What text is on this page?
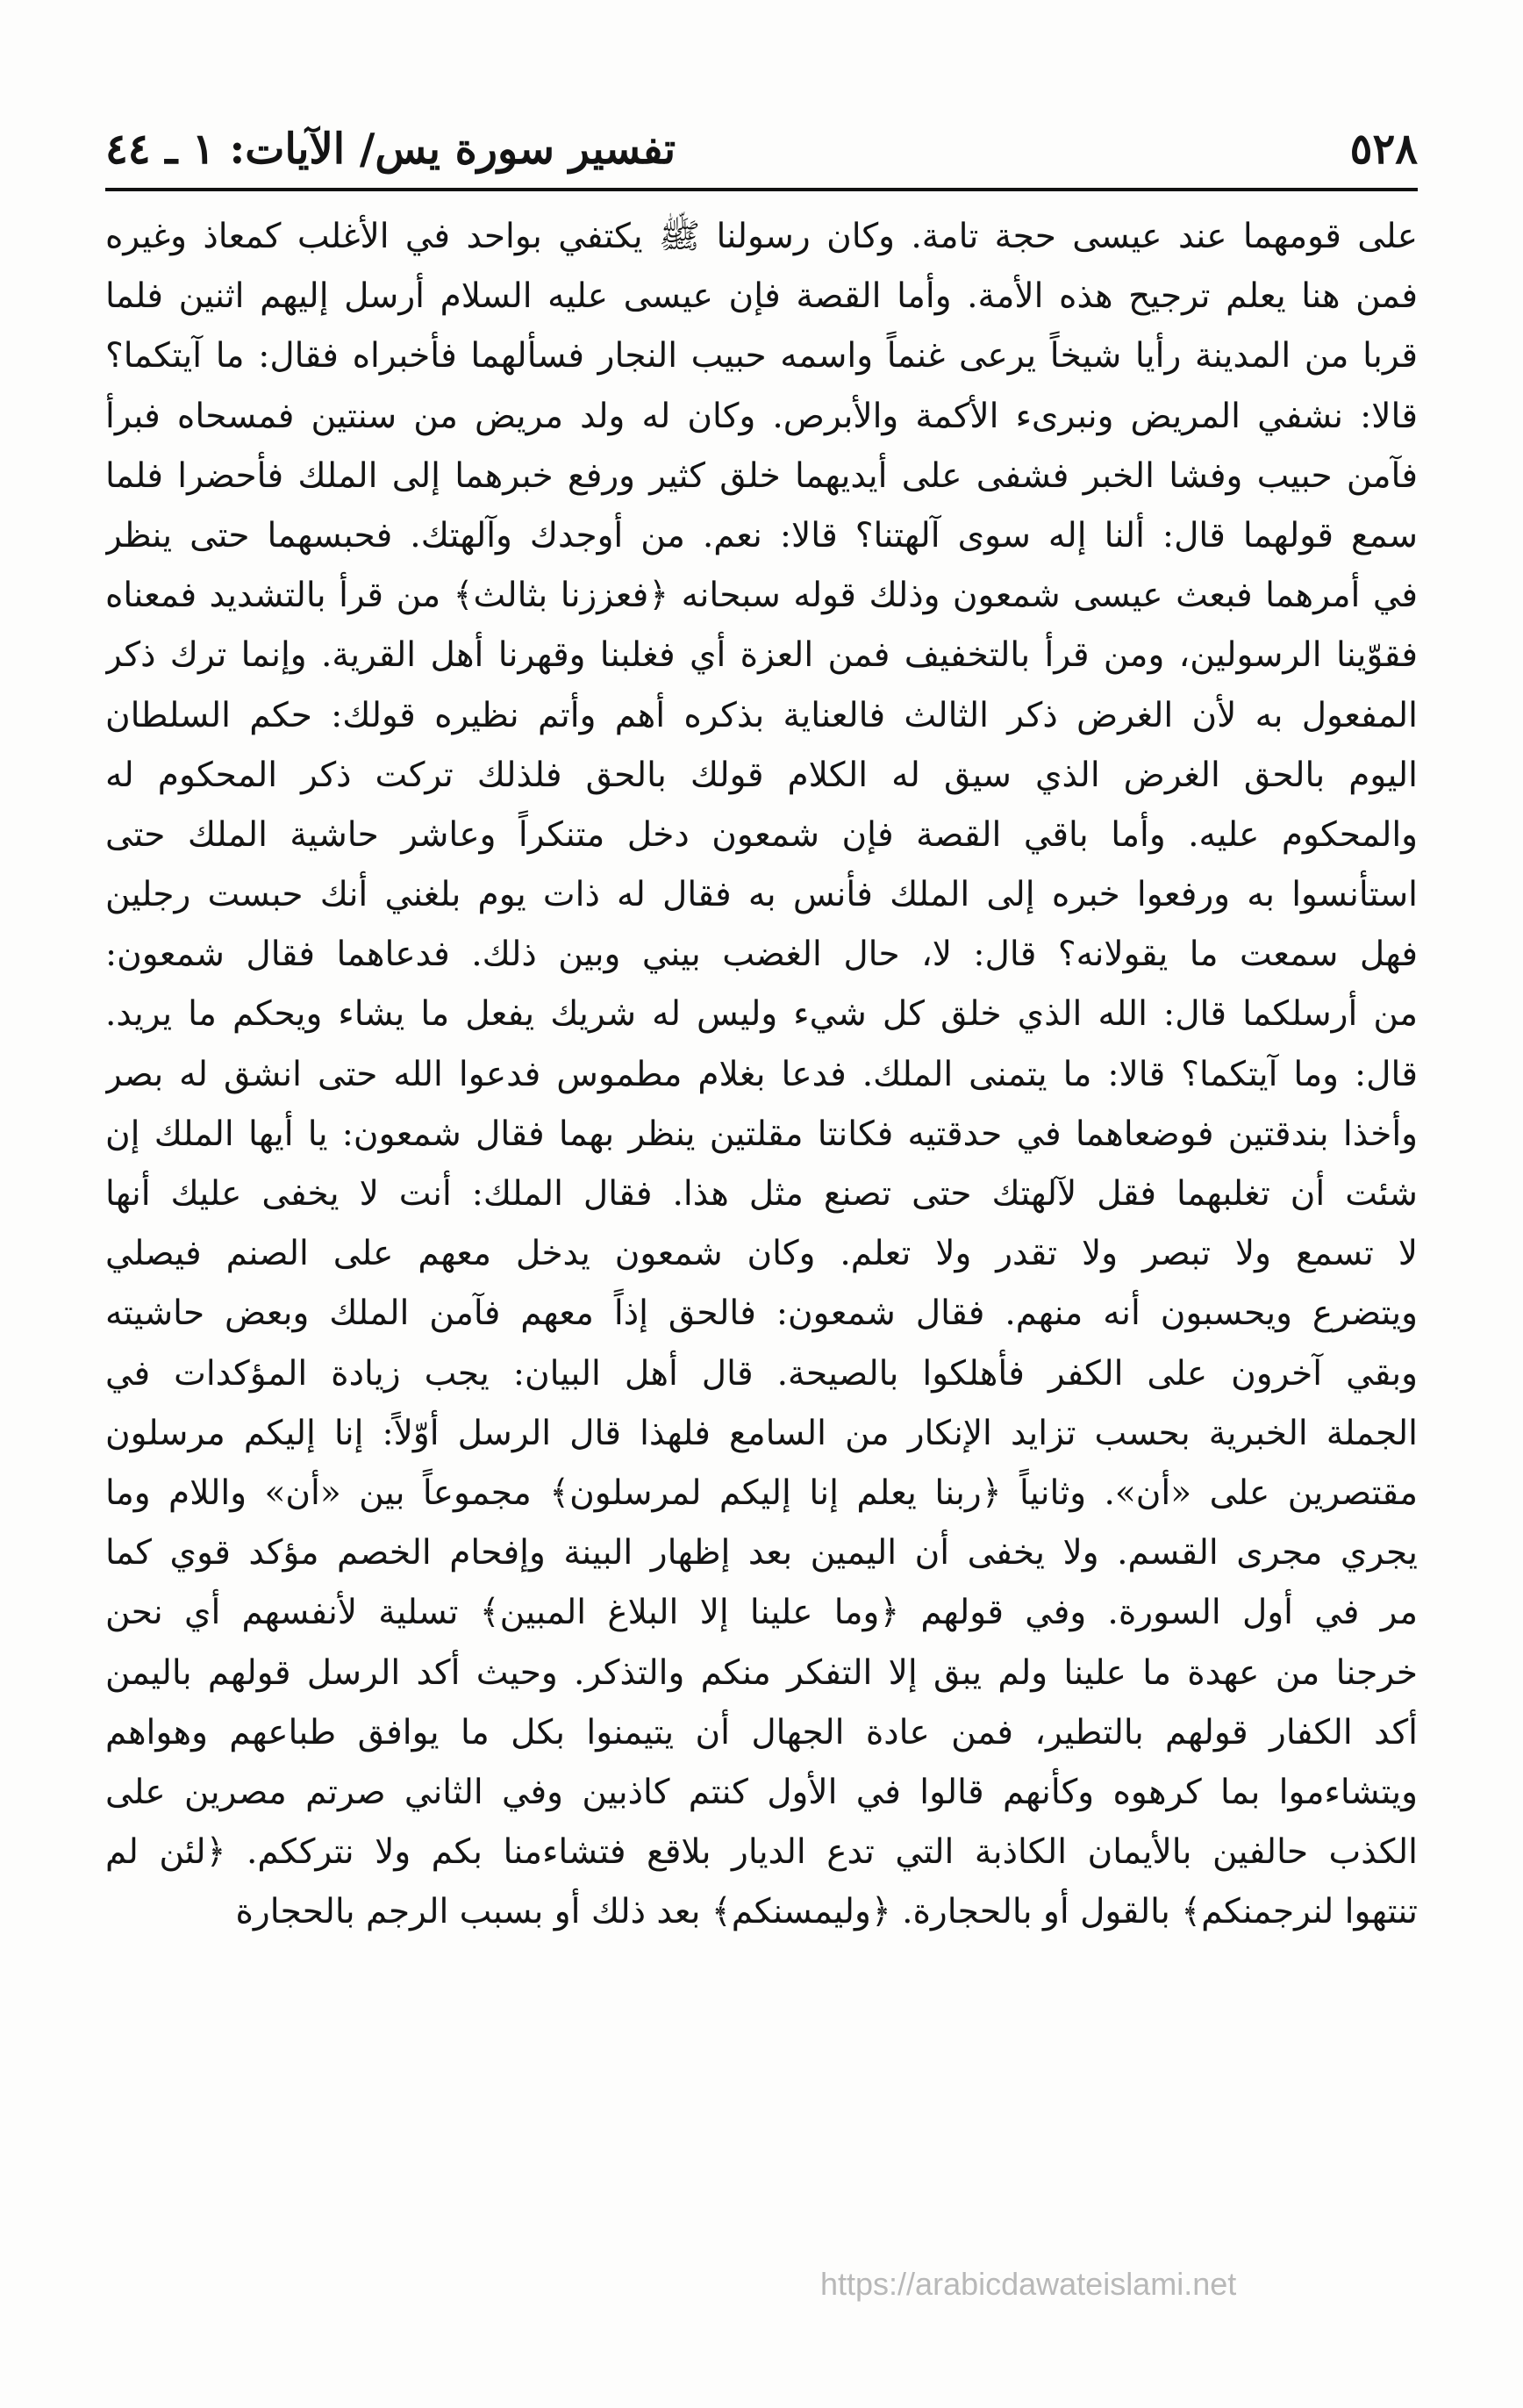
٥٢٨
تفسير سورة يس/ الآيات: ١ ـ ٤٤
على قومهما عند عيسى حجة تامة. وكان رسولنا ﷺ يكتفي بواحد في الأغلب كمعاذ وغيره
فمن هنا يعلم ترجيح هذه الأمة. وأما القصة فإن عيسى عليه السلام أرسل إليهم اثنين فلما
قربا من المدينة رأيا شيخاً يرعى غنماً واسمه حبيب النجار فسألهما فأخبراه فقال: ما آيتكما؟
قالا: نشفي المريض ونبرىء الأكمة والأبرص. وكان له ولد مريض من سنتين فمسحاه فبرأ
فآمن حبيب وفشا الخبر فشفى على أيديهما خلق كثير ورفع خبرهما إلى الملك فأحضرا فلما
سمع قولهما قال: ألنا إله سوى آلهتنا؟ قالا: نعم. من أوجدك وآلهتك. فحبسهما حتى ينظر
في أمرهما فبعث عيسى شمعون وذلك قوله سبحانه ﴿فعززنا بثالث﴾ من قرأ بالتشديد فمعناه
فقوّينا الرسولين، ومن قرأ بالتخفيف فمن العزة أي فغلبنا وقهرنا أهل القرية. وإنما ترك ذكر
المفعول به لأن الغرض ذكر الثالث فالعناية بذكره أهم وأتم نظيره قولك: حكم السلطان
اليوم بالحق الغرض الذي سيق له الكلام قولك بالحق فلذلك تركت ذكر المحكوم له
والمحكوم عليه. وأما باقي القصة فإن شمعون دخل متنكراً وعاشر حاشية الملك حتى
استأنسوا به ورفعوا خبره إلى الملك فأنس به فقال له ذات يوم بلغني أنك حبست رجلين
فهل سمعت ما يقولانه؟ قال: لا، حال الغضب بيني وبين ذلك. فدعاهما فقال شمعون:
من أرسلكما قال: الله الذي خلق كل شيء وليس له شريك يفعل ما يشاء ويحكم ما يريد.
قال: وما آيتكما؟ قالا: ما يتمنى الملك. فدعا بغلام مطموس فدعوا الله حتى انشق له بصر
وأخذا بندقتين فوضعاهما في حدقتيه فكانتا مقلتين ينظر بهما فقال شمعون: يا أيها الملك إن
شئت أن تغلبهما فقل لآلهتك حتى تصنع مثل هذا. فقال الملك: أنت لا يخفى عليك أنها
لا تسمع ولا تبصر ولا تقدر ولا تعلم. وكان شمعون يدخل معهم على الصنم فيصلي
ويتضرع ويحسبون أنه منهم. فقال شمعون: فالحق إذاً معهم فآمن الملك وبعض حاشيته
وبقي آخرون على الكفر فأهلكوا بالصيحة. قال أهل البيان: يجب زيادة المؤكدات في
الجملة الخبرية بحسب تزايد الإنكار من السامع فلهذا قال الرسل أوّلاً: إنا إليكم مرسلون
مقتصرين على «أن». وثانياً ﴿ربنا يعلم إنا إليكم لمرسلون﴾ مجموعاً بين «أن» واللام وما
يجري مجرى القسم. ولا يخفى أن اليمين بعد إظهار البينة وإفحام الخصم مؤكد قوي كما
مر في أول السورة. وفي قولهم ﴿وما علينا إلا البلاغ المبين﴾ تسلية لأنفسهم أي نحن
خرجنا من عهدة ما علينا ولم يبق إلا التفكر منكم والتذكر. وحيث أكد الرسل قولهم باليمن
أكد الكفار قولهم بالتطير، فمن عادة الجهال أن يتيمنوا بكل ما يوافق طباعهم وهواهم
ويتشاءموا بما كرهوه وكأنهم قالوا في الأول كنتم كاذبين وفي الثاني صرتم مصرين على
الكذب حالفين بالأيمان الكاذبة التي تدع الديار بلاقع فتشاءمنا بكم ولا نترككم. ﴿لئن لم
تنتهوا لنرجمنكم﴾ بالقول أو بالحجارة. ﴿وليمسنكم﴾ بعد ذلك أو بسبب الرجم بالحجارة
https://arabicdawateislami.net
